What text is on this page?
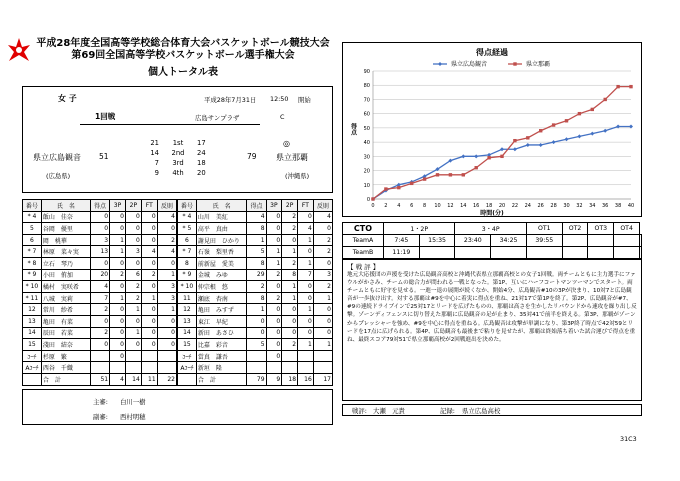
平成28年度全国高等学校総合体育大会バスケットボール競技大会
第69回全国高等学校バスケットボール選手権大会
個人トータル表
女 子	平成28年7月31日 12:50 開始
1回戦	広島サンプラザ	C
◎
県立広島観音
(広島県)
51	79 県立那覇
(沖縄県)
21 1st 17
14 2nd 24
7 3rd 18
9 4th 20
番号	氏　名	得点	3P	2P	FT	反則
* 4	飯山　佳奈	0	0	0	0	4
5	谷岡　優里	0	0	0	0	0
6	岡　桃華	3	1	0	0	2
* 7	林原　菜々実	13	1	3	4	4
* 8	立石　琴乃	0	0	0	0	0
* 9	小田　侑加	20	2	6	2	1
* 10	橘村　実咲希	4	0	2	0	3
* 11	八城　実莉	7	1	2	1	3
12	常川　紗希	2	0	1	0	1
13	亀田　有菜	0	0	0	0	0
14	辰田　若菜	2	0	1	0	0
15	淺田　結奈	0	0	0	0	0
ｺｰﾁ	杉原　繁		0			
Aｺｰﾁ	西谷　千織					
	合　計	51	4	14	11	22
番号	氏　名	得点	3P	2P	FT	反則
* 4	山川　美紅	4	0	2	0	4
* 5	高平　真由	8	0	2	4	0
6	謝見田　ひかり	1	0	0	1	2
* 7	石嶺　梨里香	5	1	1	0	2
8	前新屋　愛美	8	1	2	1	0
* 9	金城　みゆ	29	2	8	7	3
* 10	仲宗根　悠	2	0	1	0	2
11	瀬底　杏南	8	2	1	0	1
12	亀田　みすず	1	0	0	1	0
13	東江　早紀	0	0	0	0	0
14	新田　あさひ	0	0	0	0	0
15	比嘉　彩音	5	0	2	1	1
ｺｰﾁ	當真　謙吾		0			
Aｺｰﾁ	新垣　隆					
	合　計	79	9	18	16	17
主審: 白川一樹
副審: 西村明穂
得点経過
0
10
20
30
40
50
60
70
80
90
0 2 4 6 8 10 12 14 16 18 20 22 24 26 28 30 32 34 36 38 40
時間(分)
得点
県立広島観音	県立那覇
CTO	1・2P		3・4P		OT1	OT2	OT3	OT4	
TeamA	7:45	15:35	23:40	34:25	39:55				
TeamB	11:19								
【 戦 評 】
地元大応援団の声援を受けた広島観音高校と沖縄代表県立那覇高校との女子1回戦。両チームともに主力選手にファウルがかさみ、チームの総合力が問われる一戦となった。第1P、互いにハーフコートマンツーマンでスタート。両チームともに好守を見せる。一進一退の展開が続くなか、開始4分、広島観音#10の3Pが決まり、10対7と広島観音が一歩抜け出す。対する那覇は#9を中心に着実に得点を重ね、21対17で第1Pを終了。第2P、広島観音が#7、#9の連続ドライブインで25対17とリードを広げたものの、那覇は高さを生かしたリバウンドから速攻を繰り出し反撃。ゾーンディフェンスに切り替えた那覇に広島観音の足が止まり、35対41で前半を終える。第3P、那覇がゾーンからプレッシャーを強め、#9を中心に得点を重ねる。広島観音は攻撃が単調になり、第3P終了時点で42対59とリードを17点に広げられる。第4P、広島観音も最後まで粘りを見せたが、那覇は終始落ち着いた試合運びで得点を重ね、最終スコア79対51で県立那覇高校が2回戦進出を決めた。
戦評: 大瀬　元貴	記録: 県立広島高校
31C3
